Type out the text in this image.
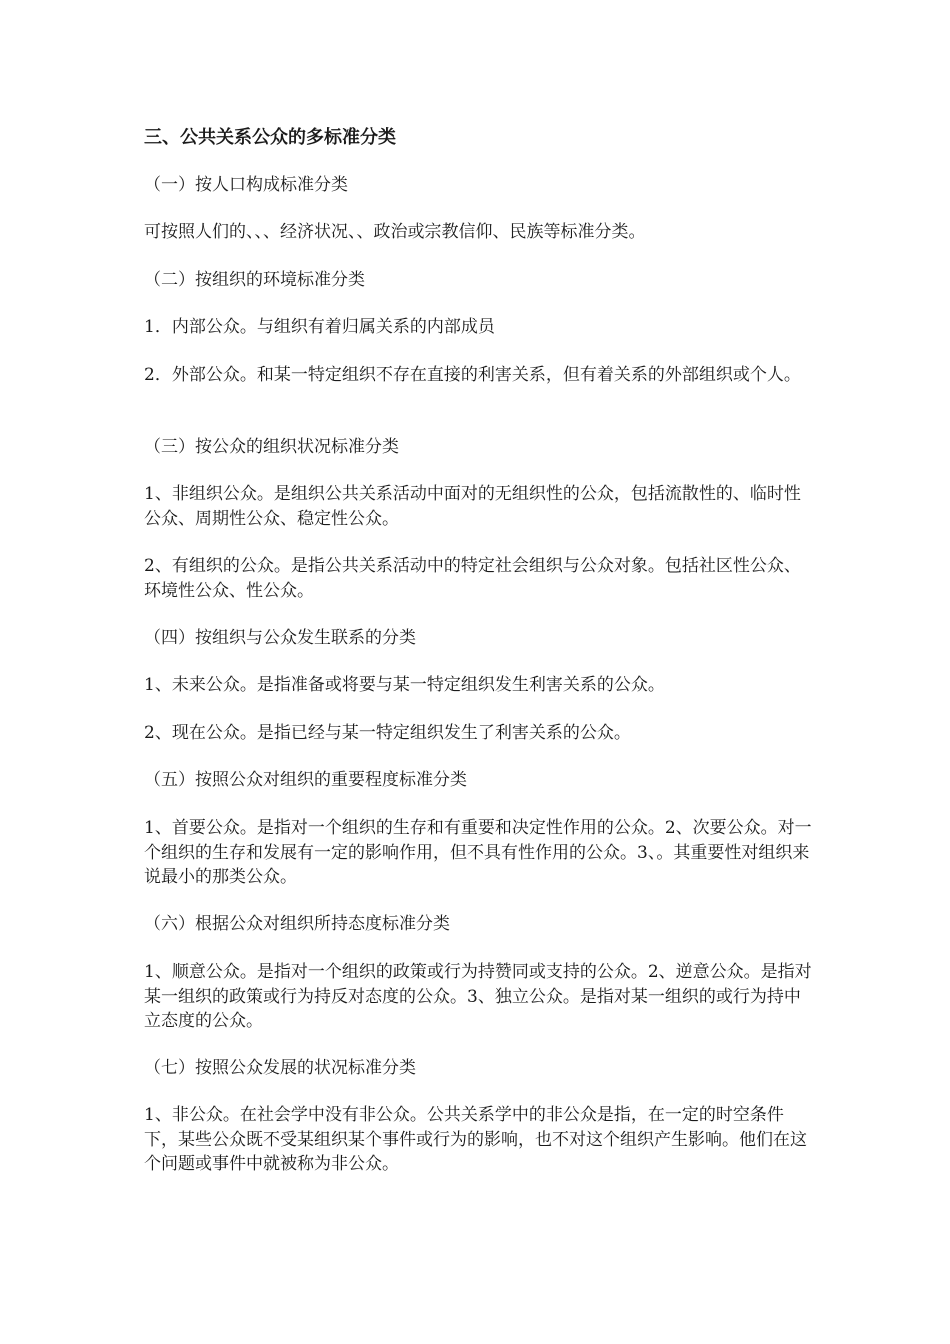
三、公共关系公众的多标准分类
（一）按人口构成标准分类
可按照人们的、、、经济状况、、政治或宗教信仰、民族等标准分类。
（二）按组织的环境标准分类
1．内部公众。与组织有着归属关系的内部成员
2．外部公众。和某一特定组织不存在直接的利害关系，但有着关系的外部组织或个人。
（三）按公众的组织状况标准分类
1、非组织公众。是组织公共关系活动中面对的无组织性的公众，包括流散性的、临时性公众、周期性公众、稳定性公众。
2、有组织的公众。是指公共关系活动中的特定社会组织与公众对象。包括社区性公众、环境性公众、性公众。
（四）按组织与公众发生联系的分类
1、未来公众。是指准备或将要与某一特定组织发生利害关系的公众。
2、现在公众。是指已经与某一特定组织发生了利害关系的公众。
（五）按照公众对组织的重要程度标准分类
1、首要公众。是指对一个组织的生存和有重要和决定性作用的公众。2、次要公众。对一个组织的生存和发展有一定的影响作用，但不具有性作用的公众。3、。其重要性对组织来说最小的那类公众。
（六）根据公众对组织所持态度标准分类
1、顺意公众。是指对一个组织的政策或行为持赞同或支持的公众。2、逆意公众。是指对某一组织的政策或行为持反对态度的公众。3、独立公众。是指对某一组织的或行为持中立态度的公众。
（七）按照公众发展的状况标准分类
1、非公众。在社会学中没有非公众。公共关系学中的非公众是指，在一定的时空条件下，某些公众既不受某组织某个事件或行为的影响，也不对这个组织产生影响。他们在这个问题或事件中就被称为非公众。
